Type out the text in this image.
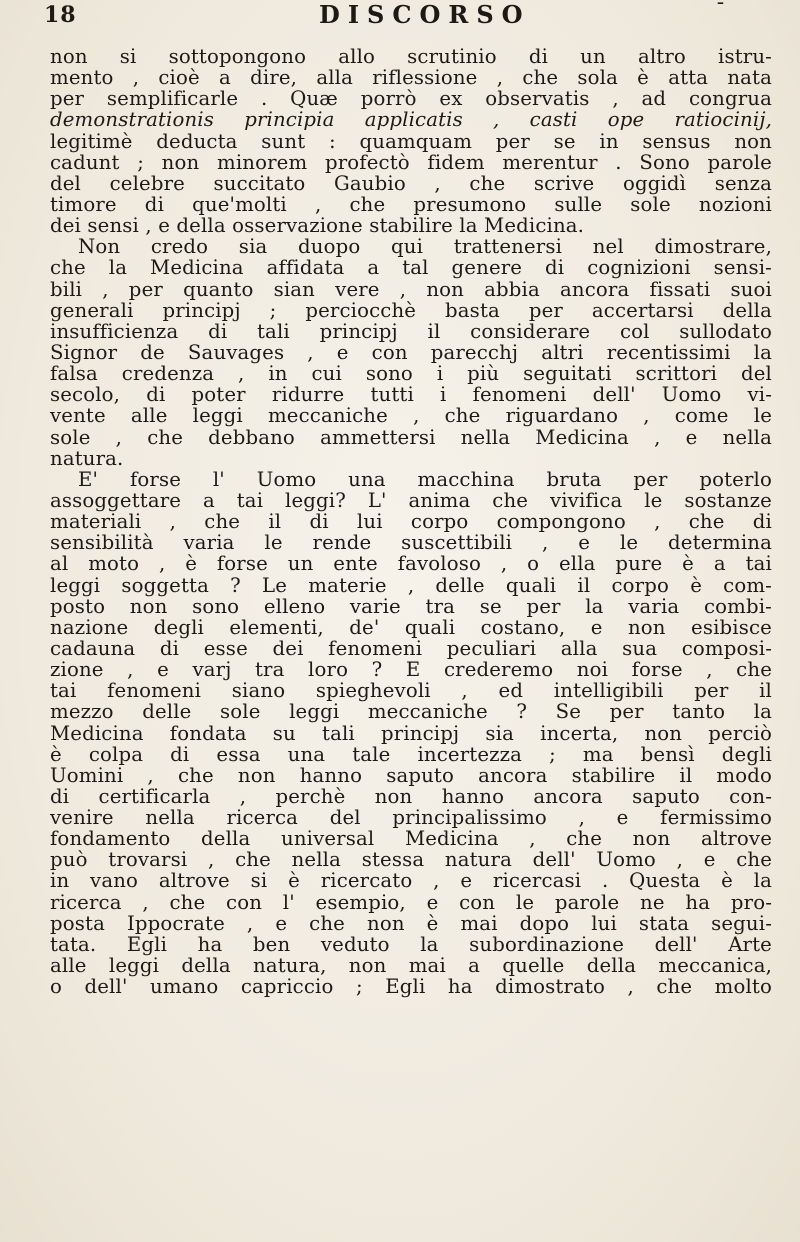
18	DISCORSO	ˉ
non si sottopongono allo scrutinio di un altro istru-
mento , cioè a dire, alla riflessione , che sola è atta nata
per semplificarle . Quæ porrò ex observatis , ad congrua
demonstrationis principia applicatis , casti ope ratiocinij,
legitimè deducta sunt : quamquam per se in sensus non
cadunt ; non minorem profectò fidem merentur . Sono parole
del celebre succitato Gaubio , che scrive oggidì senza
timore di que'molti , che presumono sulle sole nozioni
dei sensi , e della osservazione stabilire la Medicina.
Non credo sia duopo qui trattenersi nel dimostrare,
che la Medicina affidata a tal genere di cognizioni sensi-
bili , per quanto sian vere , non abbia ancora fissati suoi
generali principj ; perciocchè basta per accertarsi della
insufficienza di tali principj il considerare col sullodato
Signor de Sauvages , e con parecchj altri recentissimi la
falsa credenza , in cui sono i più seguitati scrittori del
secolo, di poter ridurre tutti i fenomeni dell' Uomo vi-
vente alle leggi meccaniche , che riguardano , come le
sole , che debbano ammettersi nella Medicina , e nella
natura.
E' forse l' Uomo una macchina bruta per poterlo
assoggettare a tai leggi? L' anima che vivifica le sostanze
materiali , che il di lui corpo compongono , che di
sensibilità varia le rende suscettibili , e le determina
al moto , è forse un ente favoloso , o ella pure è a tai
leggi soggetta ? Le materie , delle quali il corpo è com-
posto non sono elleno varie tra se per la varia combi-
nazione degli elementi, de' quali costano, e non esibisce
cadauna di esse dei fenomeni peculiari alla sua composi-
zione , e varj tra loro ? E crederemo noi forse , che
tai fenomeni siano spieghevoli , ed intelligibili per il
mezzo delle sole leggi meccaniche ? Se per tanto la
Medicina fondata su tali principj sia incerta, non perciò
è colpa di essa una tale incertezza ; ma bensì degli
Uomini , che non hanno saputo ancora stabilire il modo
di certificarla , perchè non hanno ancora saputo con-
venire nella ricerca del principalissimo , e fermissimo
fondamento della universal Medicina , che non altrove
può trovarsi , che nella stessa natura dell' Uomo , e che
in vano altrove si è ricercato , e ricercasi . Questa è la
ricerca , che con l' esempio, e con le parole ne ha pro-
posta Ippocrate , e che non è mai dopo lui stata segui-
tata. Egli ha ben veduto la subordinazione dell' Arte
alle leggi della natura, non mai a quelle della meccanica,
o dell' umano capriccio ; Egli ha dimostrato , che molto
